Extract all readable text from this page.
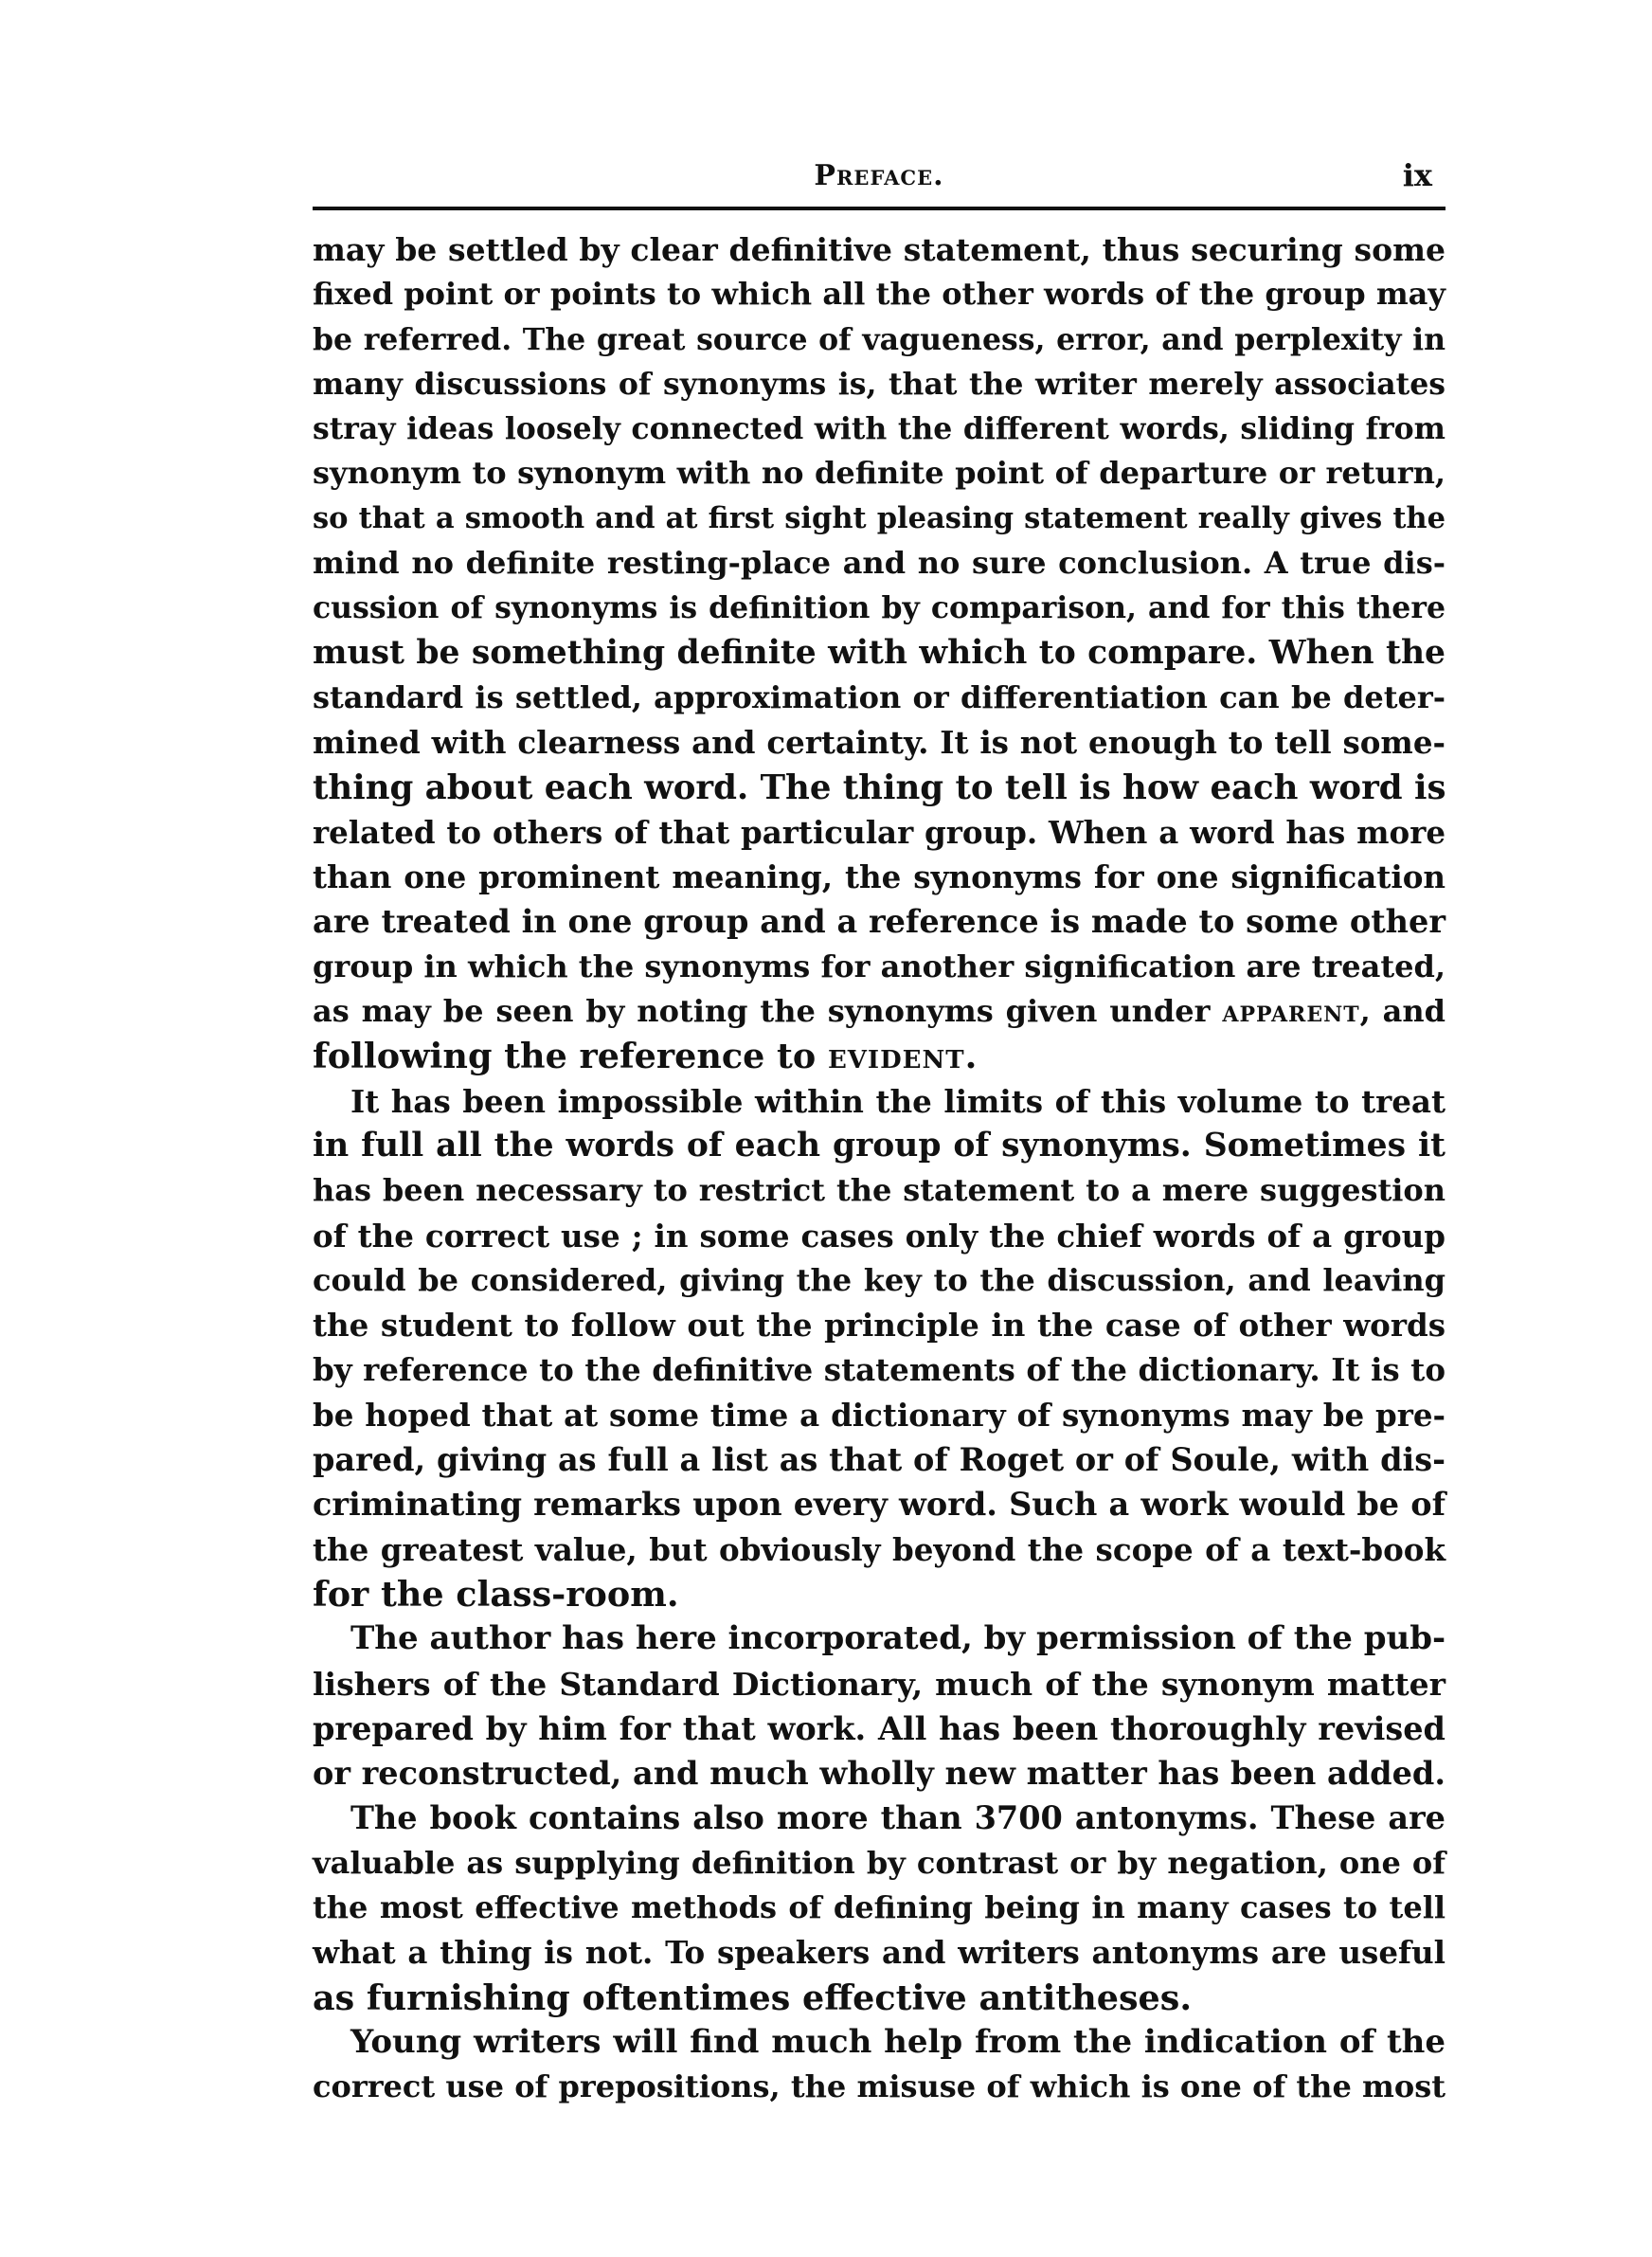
Preface.	ix
may be settled by clear definitive statement, thus securing some
fixed point or points to which all the other words of the group may
be referred. The great source of vagueness, error, and perplexity in
many discussions of synonyms is, that the writer merely associates
stray ideas loosely connected with the different words, sliding from
synonym to synonym with no definite point of departure or return,
so that a smooth and at first sight pleasing statement really gives the
mind no definite resting-place and no sure conclusion. A true dis-
cussion of synonyms is definition by comparison, and for this there
must be something definite with which to compare. When the
standard is settled, approximation or differentiation can be deter-
mined with clearness and certainty. It is not enough to tell some-
thing about each word. The thing to tell is how each word is
related to others of that particular group. When a word has more
than one prominent meaning, the synonyms for one signification
are treated in one group and a reference is made to some other
group in which the synonyms for another signification are treated,
as may be seen by noting the synonyms given under apparent, and
following the reference to evident.
It has been impossible within the limits of this volume to treat
in full all the words of each group of synonyms. Sometimes it
has been necessary to restrict the statement to a mere suggestion
of the correct use ; in some cases only the chief words of a group
could be considered, giving the key to the discussion, and leaving
the student to follow out the principle in the case of other words
by reference to the definitive statements of the dictionary. It is to
be hoped that at some time a dictionary of synonyms may be pre-
pared, giving as full a list as that of Roget or of Soule, with dis-
criminating remarks upon every word. Such a work would be of
the greatest value, but obviously beyond the scope of a text-book
for the class-room.
The author has here incorporated, by permission of the pub-
lishers of the Standard Dictionary, much of the synonym matter
prepared by him for that work. All has been thoroughly revised
or reconstructed, and much wholly new matter has been added.
The book contains also more than 3700 antonyms. These are
valuable as supplying definition by contrast or by negation, one of
the most effective methods of defining being in many cases to tell
what a thing is not. To speakers and writers antonyms are useful
as furnishing oftentimes effective antitheses.
Young writers will find much help from the indication of the
correct use of prepositions, the misuse of which is one of the most
